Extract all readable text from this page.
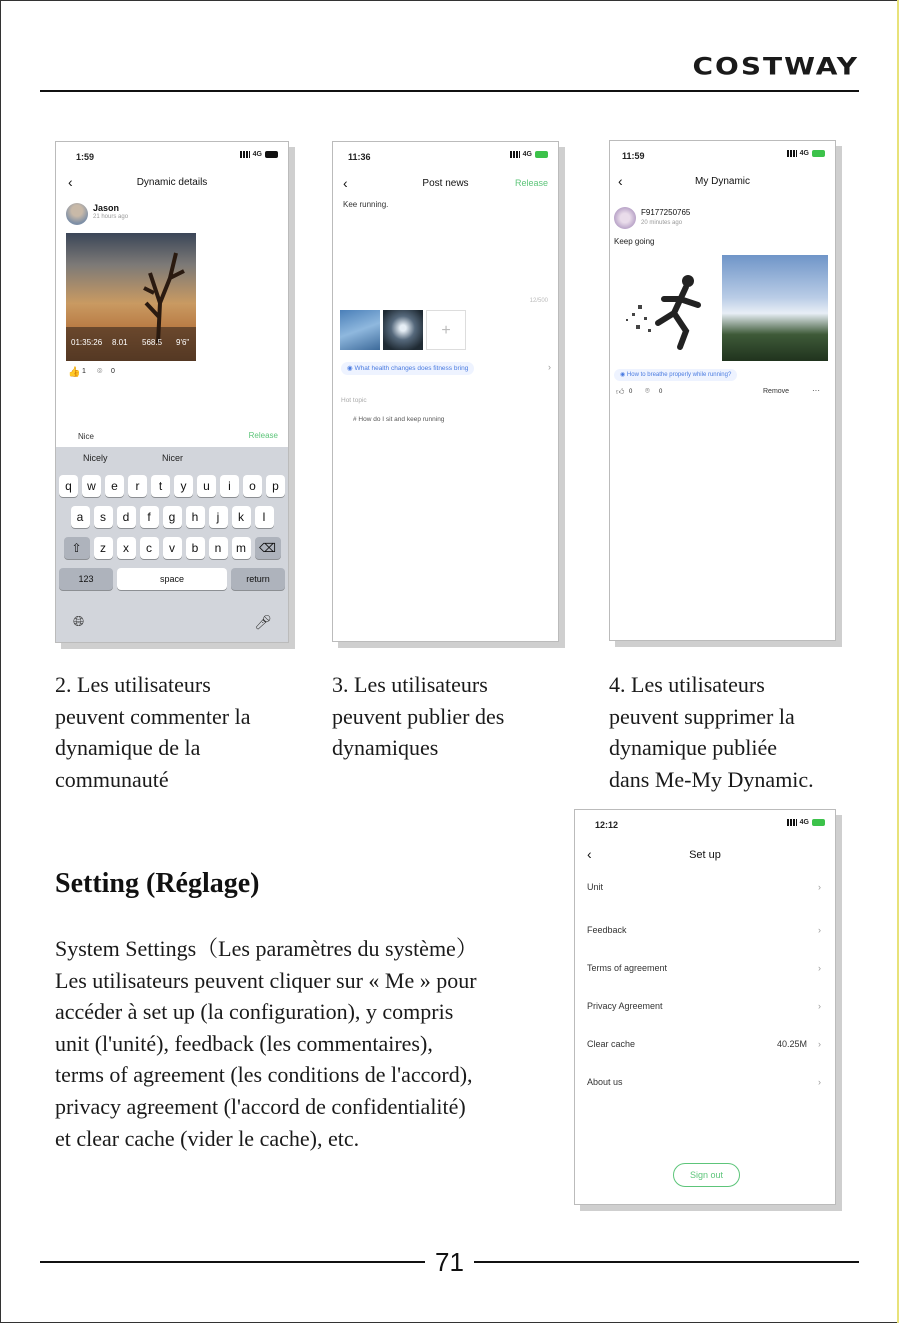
COSTWAY
1:59	4G
‹	Dynamic details
Jason
21 hours ago
01:35:26 8.01 568.5 9'6"
👍 1 ⌾ 0
Nice	Release
Nicely	Nicer
q	w	e	r	t	y	u	i	o	p
a	s	d	f	g	h	j	k	l
⇧	z	x	c	v	b	n	m	⌫
123	space	return
🌐︎	🎤︎
11:36	4G
‹	Post news	Release
Kee running.
12/500
+
◉ What health changes does fitness bring	›
Hot topic
# How do I sit and keep running
11:59	4G
‹	My Dynamic
F9177250765
20 minutes ago
Keep going
◉ How to breathe properly while running?
👍︎ 0 ⌾ 0	Remove	···
2. Les utilisateurs
peuvent commenter la
dynamique de la
communauté
3. Les utilisateurs
peuvent publier des
dynamiques
4. Les utilisateurs
peuvent supprimer la
dynamique publiée
dans Me-My Dynamic.
Setting (Réglage)
System Settings（Les paramètres du système）
Les utilisateurs peuvent cliquer sur « Me » pour
accéder à set up (la configuration), y compris
unit (l'unité), feedback (les commentaires),
terms of agreement (les conditions de l'accord),
privacy agreement (l'accord de confidentialité)
et clear cache (vider le cache), etc.
12:12	4G
‹	Set up
Unit	›
Feedback	›
Terms of agreement	›
Privacy Agreement	›
Clear cache	40.25M ›
About us	›
Sign out
71
